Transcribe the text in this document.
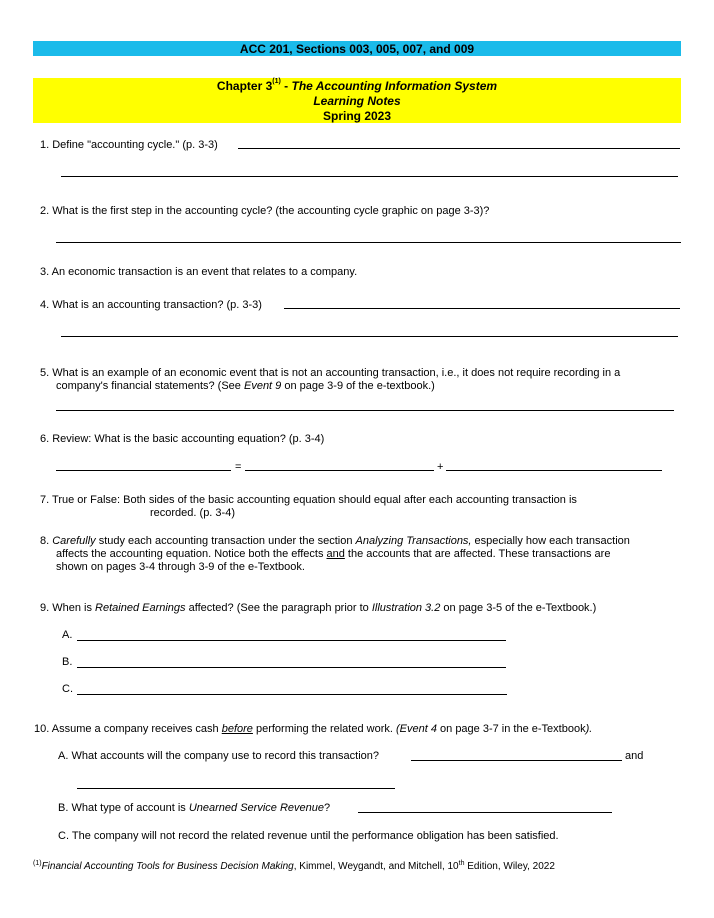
ACC 201, Sections 003, 005, 007, and 009
Chapter 3$^{(1)}$ - The Accounting Information System
Learning Notes
Spring 2023
1. Define "accounting cycle." (p. 3-3)
2. What is the first step in the accounting cycle? (the accounting cycle graphic on page 3-3)?
3. An economic transaction is an event that relates to a company.
4. What is an accounting transaction? (p. 3-3)
5. What is an example of an economic event that is not an accounting transaction, i.e., it does not require recording in a
company's financial statements? (See Event 9 on page 3-9 of the e-textbook.)
6. Review: What is the basic accounting equation? (p. 3-4)
=	+
7. True or False: Both sides of the basic accounting equation should equal after each accounting transaction is
recorded. (p. 3-4)
8. Carefully study each accounting transaction under the section Analyzing Transactions, especially how each transaction
affects the accounting equation. Notice both the effects and the accounts that are affected. These transactions are
shown on pages 3-4 through 3-9 of the e-Textbook.
9. When is Retained Earnings affected? (See the paragraph prior to Illustration 3.2 on page 3-5 of the e-Textbook.)
A.
B.
C.
10. Assume a company receives cash before performing the related work. (Event 4 on page 3-7 in the e-Textbook).
A. What accounts will the company use to record this transaction?	and
B. What type of account is Unearned Service Revenue?
C. The company will not record the related revenue until the performance obligation has been satisfied.
$^{(1)}$Financial Accounting Tools for Business Decision Making, Kimmel, Weygandt, and Mitchell, 10th Edition, Wiley, 2022
